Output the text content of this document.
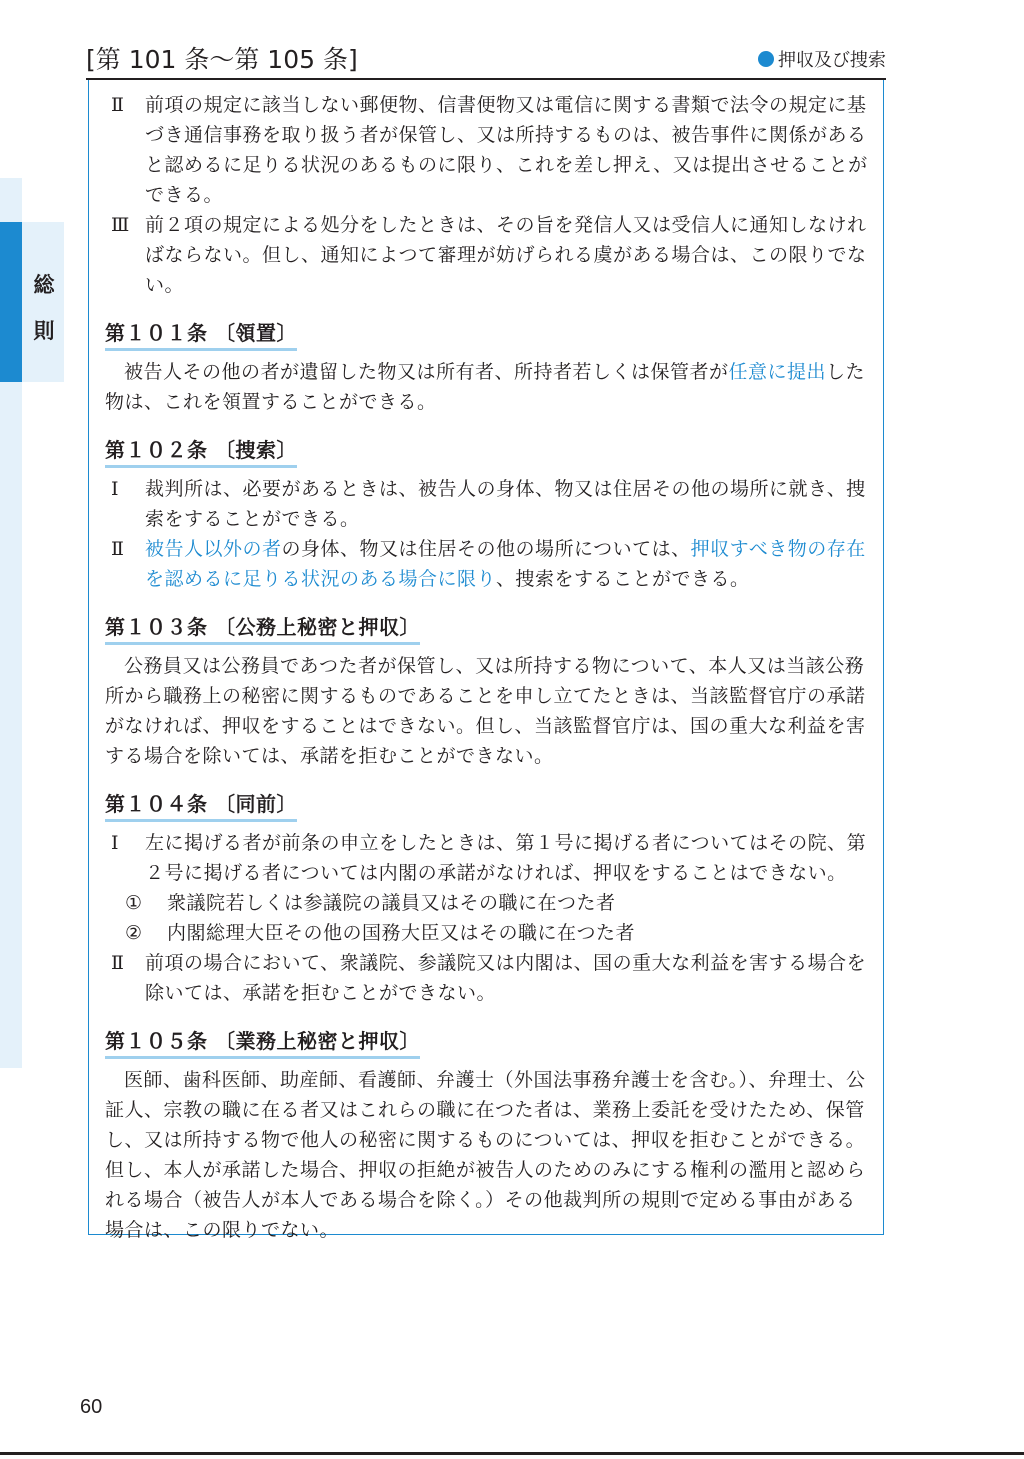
[第 101 条〜第 105 条]	押収及び捜索
総則
Ⅱ	前項の規定に該当しない郵便物、信書便物又は電信に関する書類で法令の規定に基づき通信事務を取り扱う者が保管し、又は所持するものは、被告事件に関係があると認めるに足りる状況のあるものに限り、これを差し押え、又は提出させることができる。
Ⅲ 前２項の規定による処分をしたときは、その旨を発信人又は受信人に通知しなければならない。但し、通知によつて審理が妨げられる虞がある場合は、この限りでない。
第１０１条 〔領置〕

被告人その他の者が遺留した物又は所有者、所持者若しくは保管者が任意に提出した物は、これを領置することができる。

第１０２条 〔捜索〕
Ⅰ	裁判所は、必要があるときは、被告人の身体、物又は住居その他の場所に就き、捜索をすることができる。
Ⅱ	被告人以外の者の身体、物又は住居その他の場所については、押収すべき物の存在を認めるに足りる状況のある場合に限り、捜索をすることができる。
第１０３条 〔公務上秘密と押収〕

公務員又は公務員であつた者が保管し、又は所持する物について、本人又は当該公務所から職務上の秘密に関するものであることを申し立てたときは、当該監督官庁の承諾がなければ、押収をすることはできない。但し、当該監督官庁は、国の重大な利益を害する場合を除いては、承諾を拒むことができない。

第１０４条 〔同前〕
Ⅰ	左に掲げる者が前条の申立をしたときは、第１号に掲げる者についてはその院、第２号に掲げる者については内閣の承諾がなければ、押収をすることはできない。
①	衆議院若しくは参議院の議員又はその職に在つた者
②	内閣総理大臣その他の国務大臣又はその職に在つた者
Ⅱ	前項の場合において、衆議院、参議院又は内閣は、国の重大な利益を害する場合を除いては、承諾を拒むことができない。
第１０５条 〔業務上秘密と押収〕

医師、歯科医師、助産師、看護師、弁護士（外国法事務弁護士を含む。）、弁理士、公証人、宗教の職に在る者又はこれらの職に在つた者は、業務上委託を受けたため、保管し、又は所持する物で他人の秘密に関するものについては、押収を拒むことができる。但し、本人が承諾した場合、押収の拒絶が被告人のためのみにする権利の濫用と認められる場合（被告人が本人である場合を除く。）その他裁判所の規則で定める事由がある場合は、この限りでない。

60
